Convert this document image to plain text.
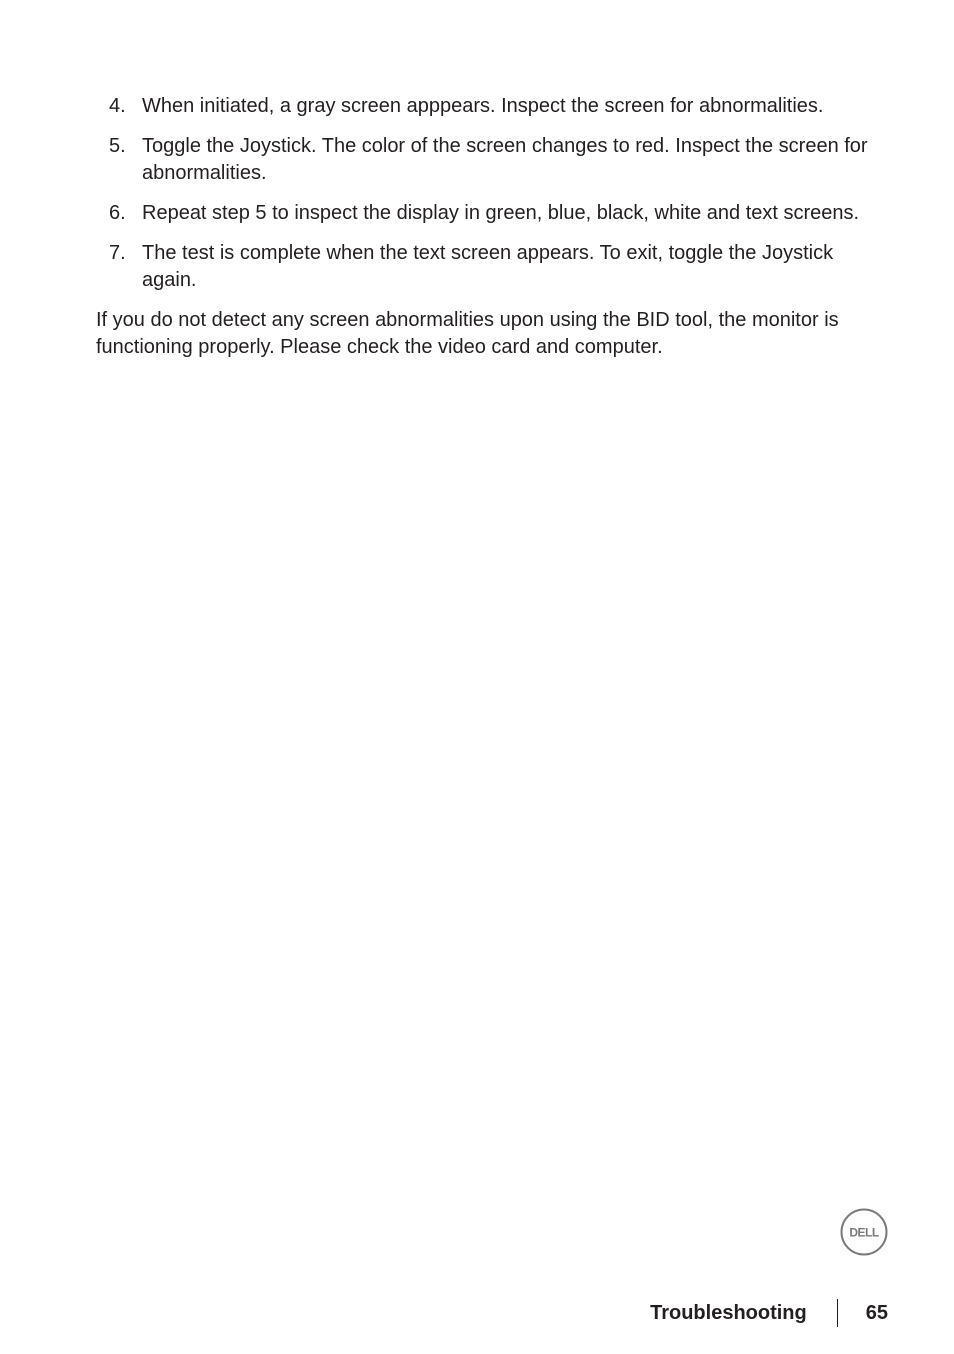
4. When initiated, a gray screen apppears. Inspect the screen for abnormalities.
5. Toggle the Joystick. The color of the screen changes to red. Inspect the screen for abnormalities.
6. Repeat step 5 to inspect the display in green, blue, black, white and text screens.
7. The test is complete when the text screen appears. To exit, toggle the Joystick again.

If you do not detect any screen abnormalities upon using the BID tool, the monitor is functioning properly. Please check the video card and computer.

DELL
Troubleshooting	65
